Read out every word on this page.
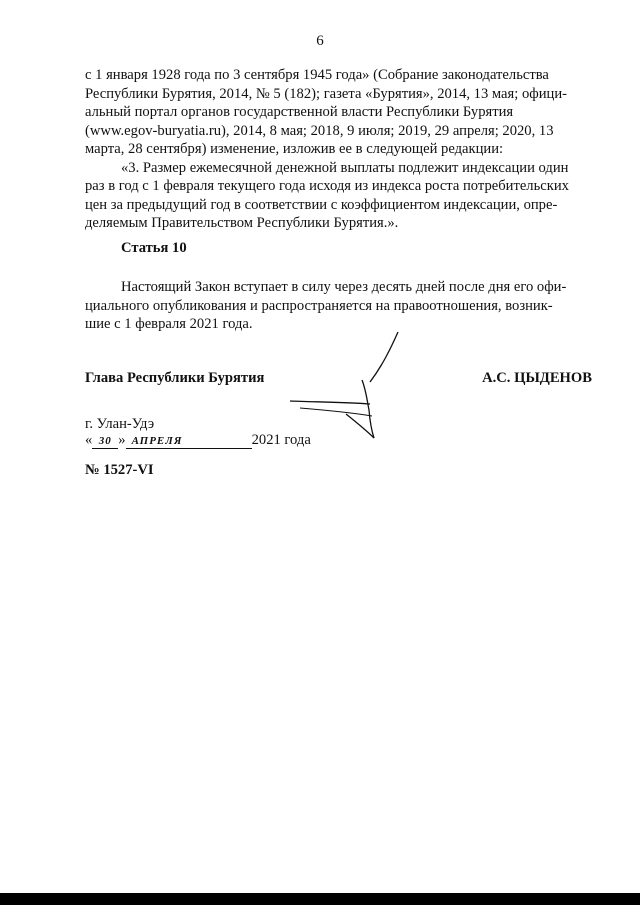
6

с 1 января 1928 года по 3 сентября 1945 года» (Собрание законодательства

Республики Бурятия, 2014, № 5 (182); газета «Бурятия», 2014, 13 мая; офици-

альный портал органов государственной власти Республики Бурятия

(www.egov-buryatia.ru), 2014, 8 мая; 2018, 9 июля; 2019, 29 апреля; 2020, 13

марта, 28 сентября) изменение, изложив ее в следующей редакции:

«3. Размер ежемесячной денежной выплаты подлежит индексации один

раз в год с 1 февраля текущего года исходя из индекса роста потребительских

цен за предыдущий год в соответствии с коэффициентом индексации, опре-

деляемым Правительством Республики Бурятия.».

Статья 10

Настоящий Закон вступает в силу через десять дней после дня его офи-

циального опубликования и распространяется на правоотношения, возник-

шие с 1 февраля 2021 года.

Глава Республики Бурятия	А.С. ЦЫДЕНОВ

г. Улан-Удэ

« 30 » АПРЕЛЯ	2021 года

№ 1527-VI
